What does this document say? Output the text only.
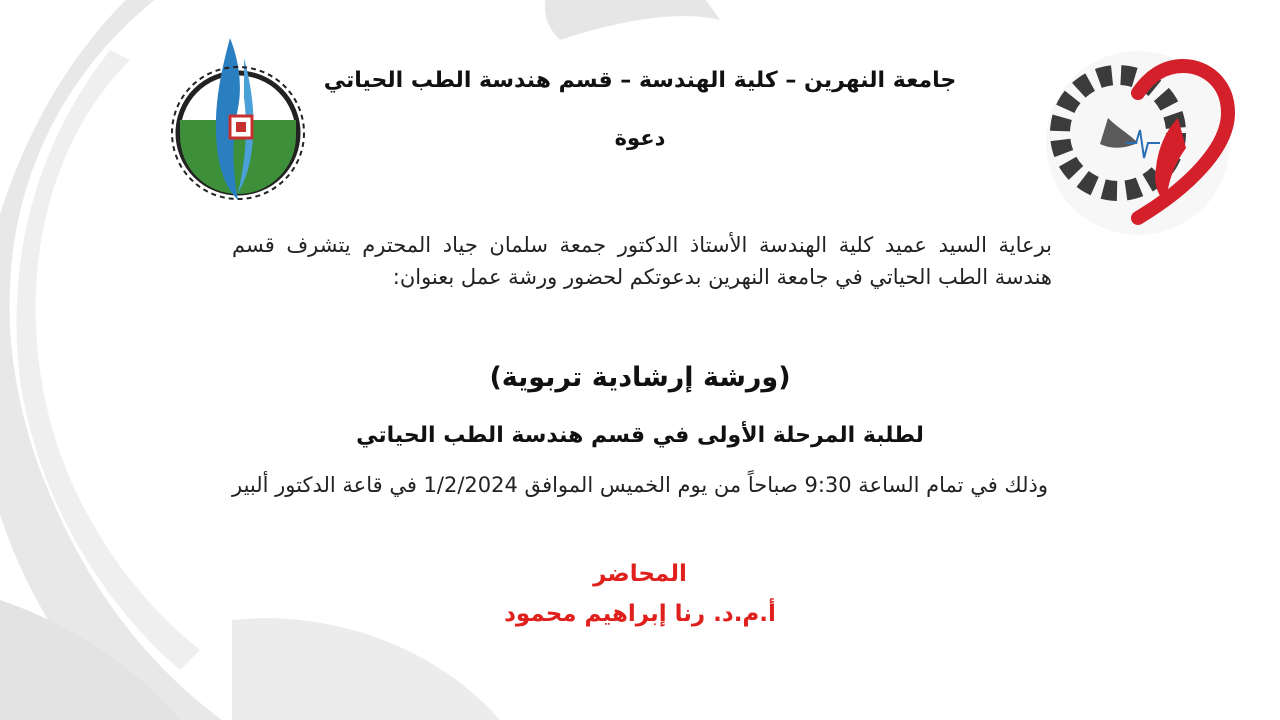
جامعة النهرين – كلية الهندسة – قسم هندسة الطب الحياتي

دعوة

برعاية السيد عميد كلية الهندسة الأستاذ الدكتور جمعة سلمان جياد المحترم يتشرف قسم هندسة الطب الحياتي في جامعة النهرين بدعوتكم لحضور ورشة عمل بعنوان:

(ورشة إرشادية تربوية)

لطلبة المرحلة الأولى في قسم هندسة الطب الحياتي

وذلك في تمام الساعة 9:30 صباحاً من يوم الخميس الموافق 1/2/2024 في قاعة الدكتور ألبير

المحاضر

أ.م.د. رنا إبراهيم محمود
